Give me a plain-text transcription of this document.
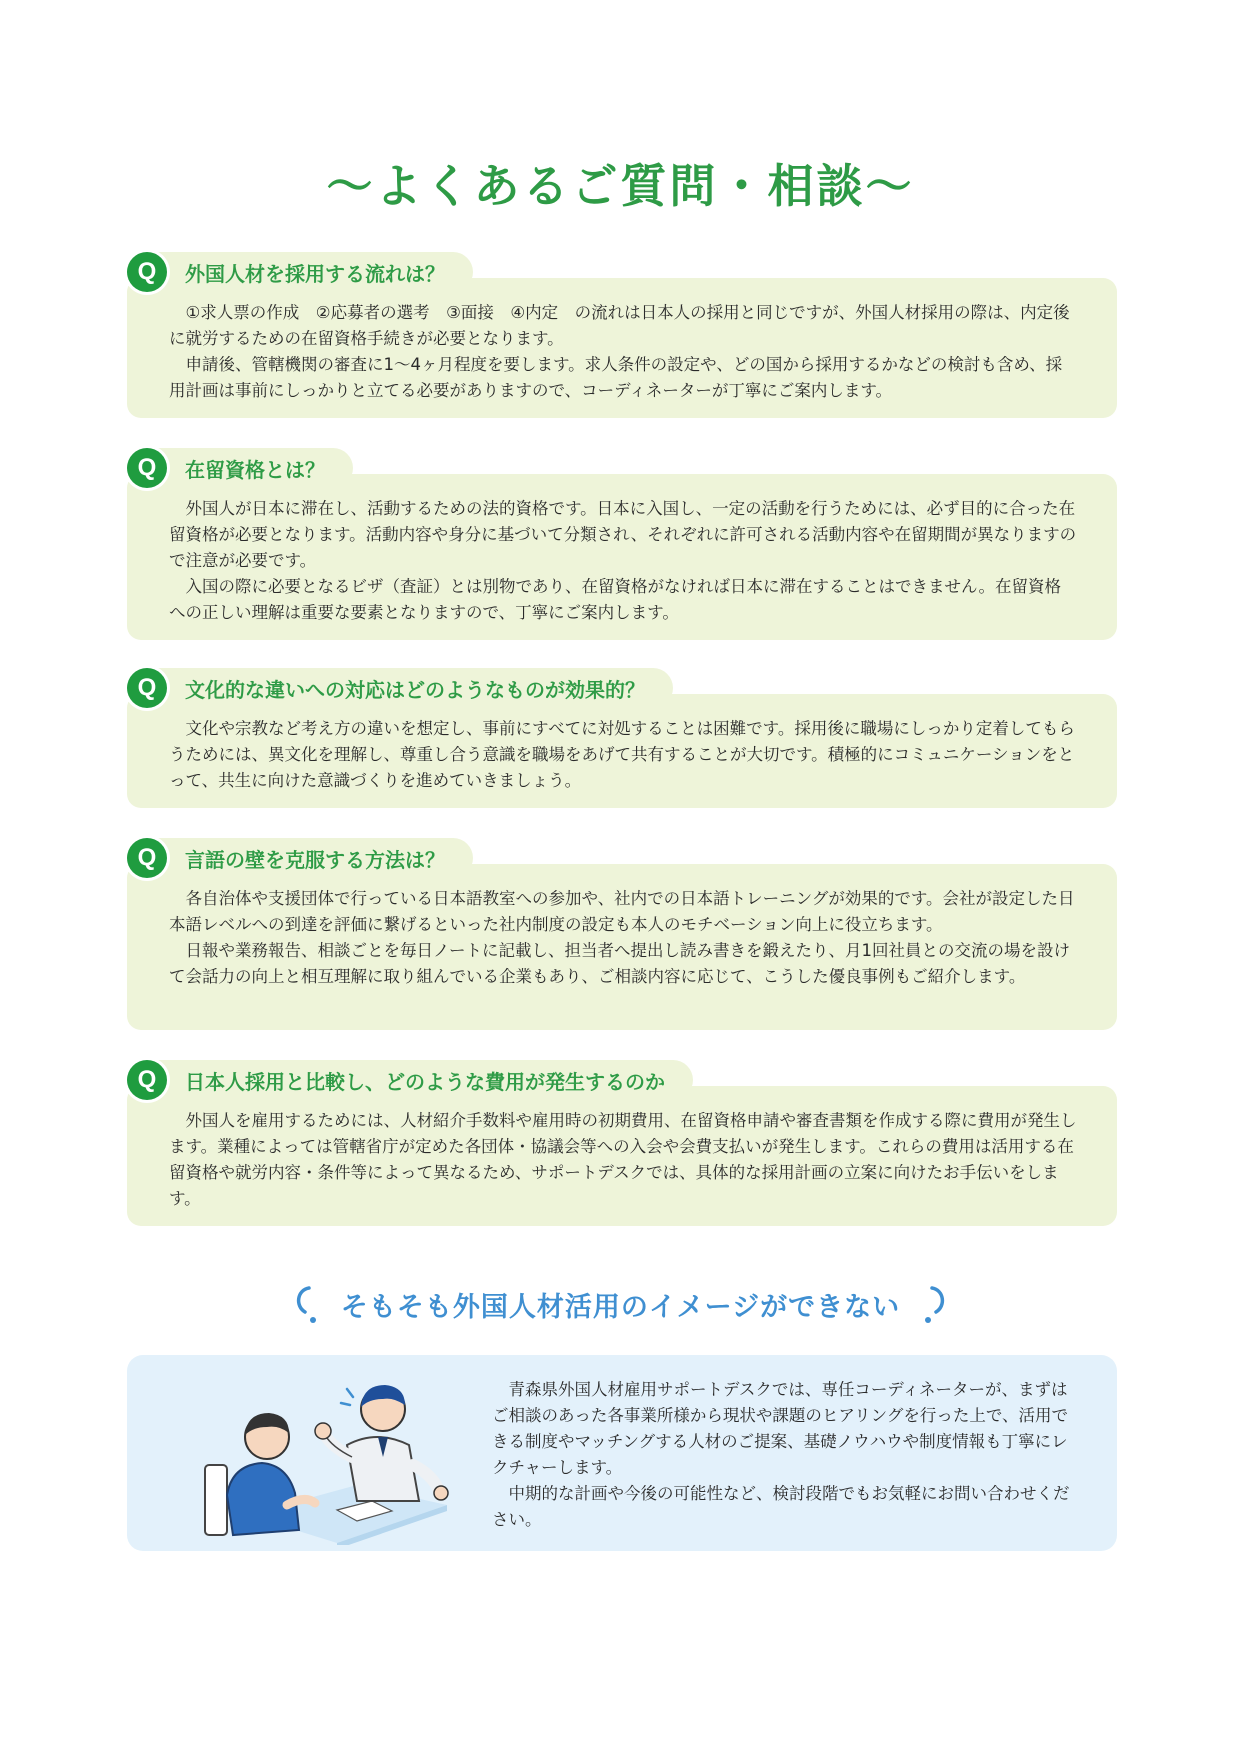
〜よくあるご質問・相談〜

　①求人票の作成　②応募者の選考　③面接　④内定　の流れは日本人の採用と同じですが、外国人材採用の際は、内定後に就労するための在留資格手続きが必要となります。

　申請後、管轄機関の審査に1〜4ヶ月程度を要します。求人条件の設定や、どの国から採用するかなどの検討も含め、採用計画は事前にしっかりと立てる必要がありますので、コーディネーターが丁寧にご案内します。

Q	外国人材を採用する流れは？

　外国人が日本に滞在し、活動するための法的資格です。日本に入国し、一定の活動を行うためには、必ず目的に合った在留資格が必要となります。活動内容や身分に基づいて分類され、それぞれに許可される活動内容や在留期間が異なりますので注意が必要です。

　入国の際に必要となるビザ（査証）とは別物であり、在留資格がなければ日本に滞在することはできません。在留資格への正しい理解は重要な要素となりますので、丁寧にご案内します。

Q	在留資格とは？

　文化や宗教など考え方の違いを想定し、事前にすべてに対処することは困難です。採用後に職場にしっかり定着してもらうためには、異文化を理解し、尊重し合う意識を職場をあげて共有することが大切です。積極的にコミュニケーションをとって、共生に向けた意識づくりを進めていきましょう。

Q	文化的な違いへの対応はどのようなものが効果的？

　各自治体や支援団体で行っている日本語教室への参加や、社内での日本語トレーニングが効果的です。会社が設定した日本語レベルへの到達を評価に繋げるといった社内制度の設定も本人のモチベーション向上に役立ちます。

　日報や業務報告、相談ごとを毎日ノートに記載し、担当者へ提出し読み書きを鍛えたり、月1回社員との交流の場を設けて会話力の向上と相互理解に取り組んでいる企業もあり、ご相談内容に応じて、こうした優良事例もご紹介します。

Q	言語の壁を克服する方法は？

　外国人を雇用するためには、人材紹介手数料や雇用時の初期費用、在留資格申請や審査書類を作成する際に費用が発生します。業種によっては管轄省庁が定めた各団体・協議会等への入会や会費支払いが発生します。これらの費用は活用する在留資格や就労内容・条件等によって異なるため、サポートデスクでは、具体的な採用計画の立案に向けたお手伝いをします。

Q	日本人採用と比較し、どのような費用が発生するのか
そもそも外国人材活用のイメージができない

　青森県外国人材雇用サポートデスクでは、専任コーディネーターが、まずはご相談のあった各事業所様から現状や課題のヒアリングを行った上で、活用できる制度やマッチングする人材のご提案、基礎ノウハウや制度情報も丁寧にレクチャーします。

　中期的な計画や今後の可能性など、検討段階でもお気軽にお問い合わせください。
